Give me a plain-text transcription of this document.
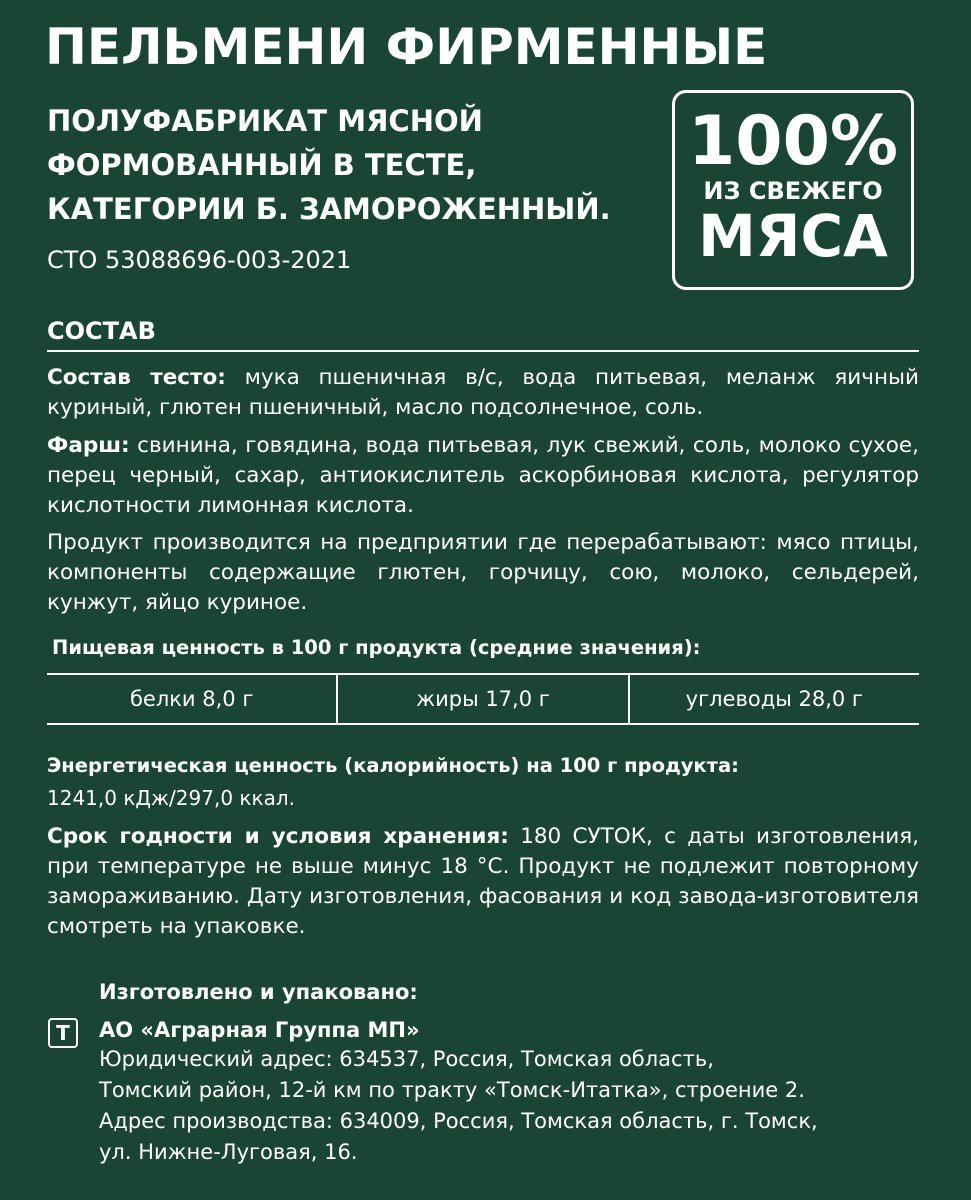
ПЕЛЬМЕНИ ФИРМЕННЫЕ
ПОЛУФАБРИКАТ МЯСНОЙ
ФОРМОВАННЫЙ В ТЕСТЕ,
КАТЕГОРИИ Б. ЗАМОРОЖЕННЫЙ.
СТО 53088696-003-2021
100%
ИЗ СВЕЖЕГО
МЯСА
СОСТАВ
Состав тесто: мука пшеничная в/с, вода питьевая, меланж яичный куриный, глютен пшеничный, масло подсолнечное, соль.
Фарш: свинина, говядина, вода питьевая, лук свежий, соль, молоко сухое, перец черный, сахар, антиокислитель аскорбиновая кислота, регулятор кислотности лимонная кислота.
Продукт производится на предприятии где перерабатывают: мясо птицы, компоненты содержащие глютен, горчицу, сою, молоко, сельдерей, кунжут, яйцо куриное.
Пищевая ценность в 100 г продукта (средние значения):
белки 8,0 г	жиры 17,0 г	углеводы 28,0 г
Энергетическая ценность (калорийность) на 100 г продукта:
1241,0 кДж/297,0 ккал.
Срок годности и условия хранения: 180 СУТОК, с даты изготовления, при температуре не выше минус 18 °С. Продукт не подлежит повторному замораживанию. Дату изготовления, фасования и код завода-изготовителя смотреть на упаковке.
Изготовлено и упаковано:
Т	АО «Аграрная Группа МП»
Юридический адрес: 634537, Россия, Томская область,
Томский район, 12-й км по тракту «Томск-Итатка», строение 2.
Адрес производства: 634009, Россия, Томская область, г. Томск,
ул. Нижне-Луговая, 16.
